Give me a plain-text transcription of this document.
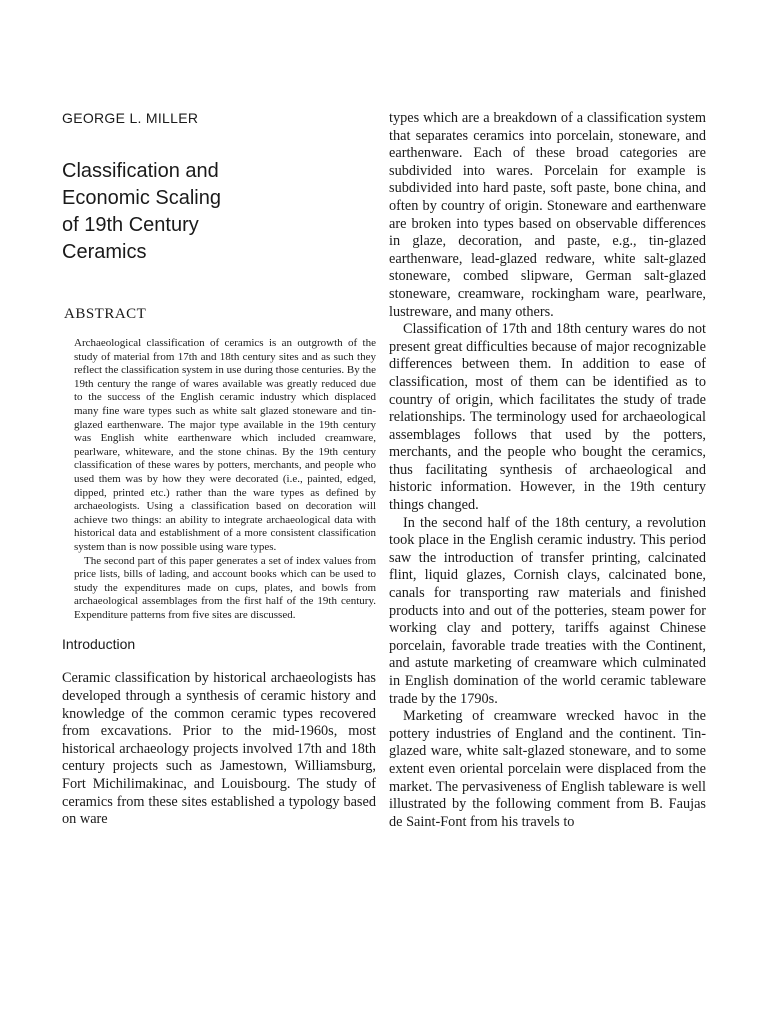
GEORGE L. MILLER
Classification and
Economic Scaling
of 19th Century
Ceramics
ABSTRACT

Archaeological classification of ceramics is an outgrowth of the study of material from 17th and 18th century sites and as such they reflect the classification system in use during those centuries. By the 19th century the range of wares available was greatly reduced due to the success of the English ceramic industry which displaced many fine ware types such as white salt glazed stoneware and tin-glazed earthenware. The major type available in the 19th century was English white earthenware which included creamware, pearlware, whiteware, and the stone chinas. By the 19th century classification of these wares by potters, merchants, and people who used them was by how they were decorated (i.e., painted, edged, dipped, printed etc.) rather than the ware types as defined by archaeologists. Using a classification based on decoration will achieve two things: an ability to integrate archaeological data with historical data and establishment of a more consistent classification system than is now possible using ware types.

The second part of this paper generates a set of index values from price lists, bills of lading, and account books which can be used to study the expenditures made on cups, plates, and bowls from archaeological assemblages from the first half of the 19th century. Expenditure patterns from five sites are discussed.

Introduction

Ceramic classification by historical archaeologists has developed through a synthesis of ceramic history and knowledge of the common ceramic types recovered from excavations. Prior to the mid-1960s, most historical archaeology projects involved 17th and 18th century projects such as Jamestown, Williamsburg, Fort Michilimakinac, and Louisbourg. The study of ceramics from these sites established a typology based on ware

types which are a breakdown of a classification system that separates ceramics into porcelain, stoneware, and earthenware. Each of these broad categories are subdivided into wares. Porcelain for example is subdivided into hard paste, soft paste, bone china, and often by country of origin. Stoneware and earthenware are broken into types based on observable differences in glaze, decoration, and paste, e.g., tin-glazed earthenware, lead-glazed redware, white salt-glazed stoneware, combed slipware, German salt-glazed stoneware, creamware, rockingham ware, pearlware, lustreware, and many others.

Classification of 17th and 18th century wares do not present great difficulties because of major recognizable differences between them. In addition to ease of classification, most of them can be identified as to country of origin, which facilitates the study of trade relationships. The terminology used for archaeological assemblages follows that used by the potters, merchants, and the people who bought the ceramics, thus facilitating synthesis of archaeological and historic information. However, in the 19th century things changed.

In the second half of the 18th century, a revolution took place in the English ceramic industry. This period saw the introduction of transfer printing, calcinated flint, liquid glazes, Cornish clays, calcinated bone, canals for transporting raw materials and finished products into and out of the potteries, steam power for working clay and pottery, tariffs against Chinese porcelain, favorable trade treaties with the Continent, and astute marketing of creamware which culminated in English domination of the world ceramic tableware trade by the 1790s.

Marketing of creamware wrecked havoc in the pottery industries of England and the continent. Tin-glazed ware, white salt-glazed stoneware, and to some extent even oriental porcelain were displaced from the market. The pervasiveness of English tableware is well illustrated by the following comment from B. Faujas de Saint-Font from his travels to
